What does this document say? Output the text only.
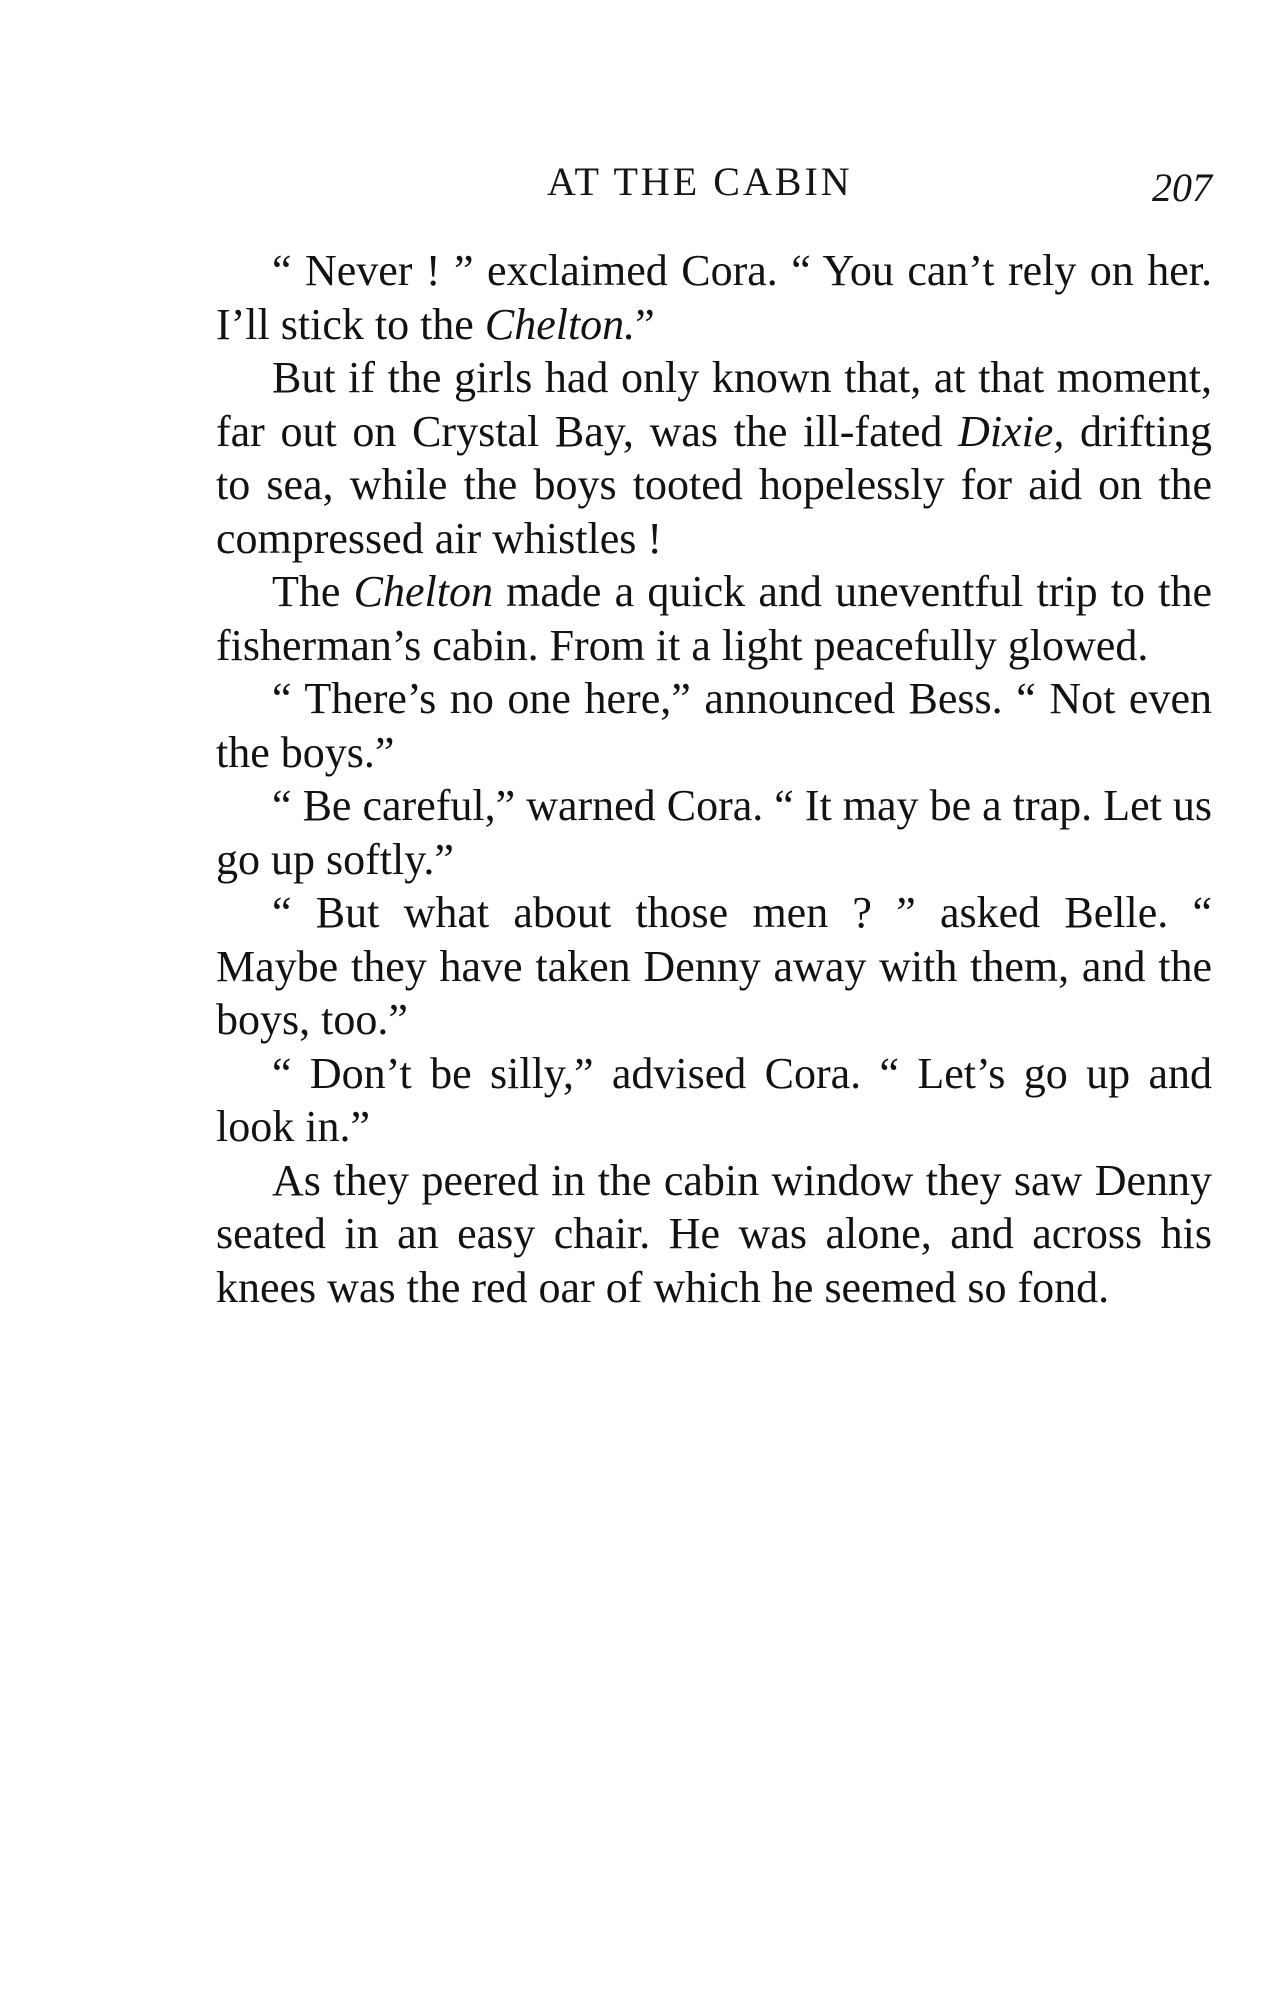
AT THE CABIN	207

“ Never ! ” exclaimed Cora. “ You can’t rely on her. I’ll stick to the Chelton.”

But if the girls had only known that, at that moment, far out on Crystal Bay, was the ill-fated Dixie, drifting to sea, while the boys tooted hopelessly for aid on the compressed air whistles !

The Chelton made a quick and uneventful trip to the fisherman’s cabin. From it a light peacefully glowed.

“ There’s no one here,” announced Bess. “ Not even the boys.”

“ Be careful,” warned Cora. “ It may be a trap. Let us go up softly.”

“ But what about those men ? ” asked Belle. “ Maybe they have taken Denny away with them, and the boys, too.”

“ Don’t be silly,” advised Cora. “ Let’s go up and look in.”

As they peered in the cabin window they saw Denny seated in an easy chair. He was alone, and across his knees was the red oar of which he seemed so fond.
